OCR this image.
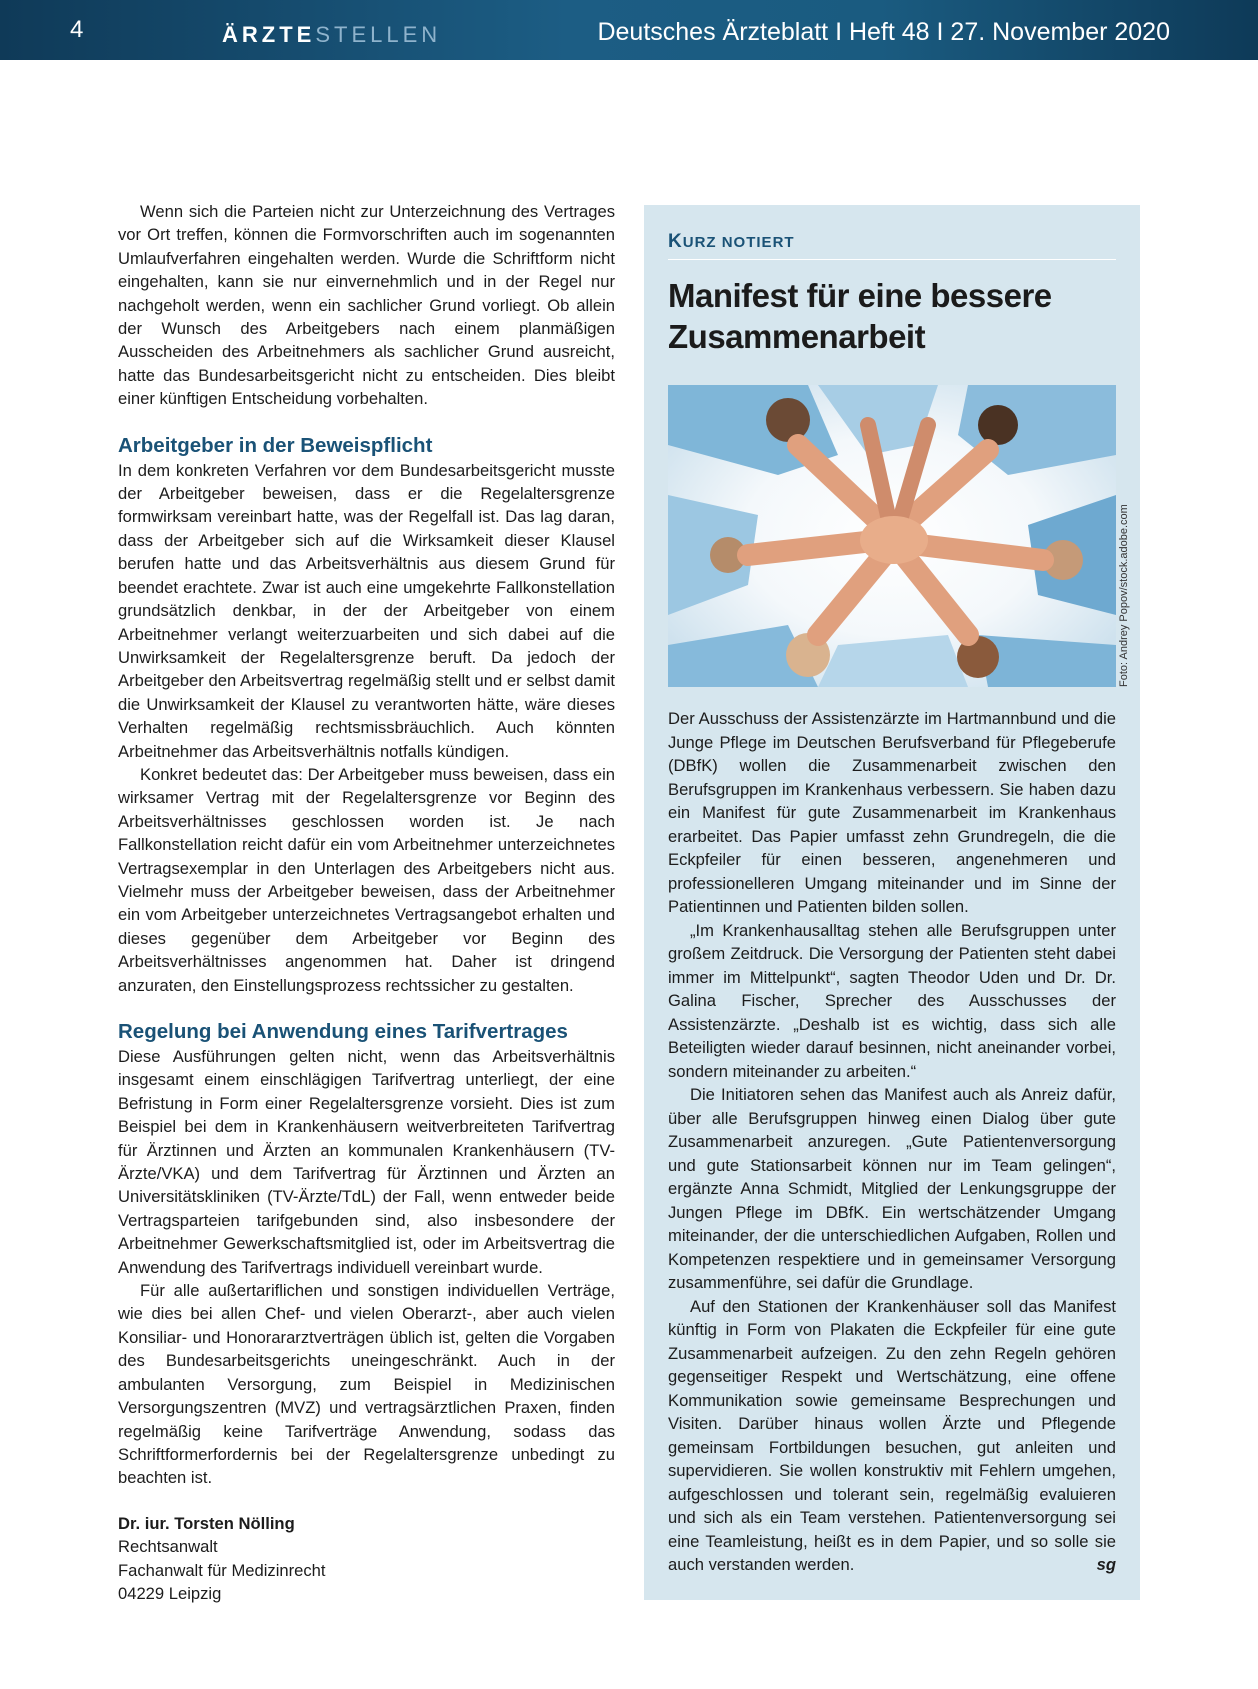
4	ÄRZTESTELLEN	Deutsches Ärzteblatt I Heft 48 I 27. November 2020

Wenn sich die Parteien nicht zur Unterzeichnung des Vertrages vor Ort treffen, können die Formvorschriften auch im sogenannten Umlaufverfahren eingehalten werden. Wurde die Schriftform nicht eingehalten, kann sie nur einvernehmlich und in der Regel nur nachgeholt werden, wenn ein sachlicher Grund vorliegt. Ob allein der Wunsch des Arbeitgebers nach einem planmäßigen Ausscheiden des Arbeitnehmers als sachlicher Grund ausreicht, hatte das Bundesarbeitsgericht nicht zu entscheiden. Dies bleibt einer künftigen Entscheidung vorbehalten.

Arbeitgeber in der Beweispflicht

In dem konkreten Verfahren vor dem Bundesarbeitsgericht musste der Arbeitgeber beweisen, dass er die Regelaltersgrenze formwirksam vereinbart hatte, was der Regelfall ist. Das lag daran, dass der Arbeitgeber sich auf die Wirksamkeit dieser Klausel berufen hatte und das Arbeitsverhältnis aus diesem Grund für beendet erachtete. Zwar ist auch eine umgekehrte Fallkonstellation grundsätzlich denkbar, in der der Arbeitgeber von einem Arbeitnehmer verlangt weiterzuarbeiten und sich dabei auf die Unwirksamkeit der Regelaltersgrenze beruft. Da jedoch der Arbeitgeber den Arbeitsvertrag regelmäßig stellt und er selbst damit die Unwirksamkeit der Klausel zu verantworten hätte, wäre dieses Verhalten regelmäßig rechtsmissbräuchlich. Auch könnten Arbeitnehmer das Arbeitsverhältnis notfalls kündigen.

Konkret bedeutet das: Der Arbeitgeber muss beweisen, dass ein wirksamer Vertrag mit der Regelaltersgrenze vor Beginn des Arbeitsverhältnisses geschlossen worden ist. Je nach Fallkonstellation reicht dafür ein vom Arbeitnehmer unterzeichnetes Vertragsexemplar in den Unterlagen des Arbeitgebers nicht aus. Vielmehr muss der Arbeitgeber beweisen, dass der Arbeitnehmer ein vom Arbeitgeber unterzeichnetes Vertragsangebot erhalten und dieses gegenüber dem Arbeitgeber vor Beginn des Arbeitsverhältnisses angenommen hat. Daher ist dringend anzuraten, den Einstellungsprozess rechtssicher zu gestalten.

Regelung bei Anwendung eines Tarifvertrages

Diese Ausführungen gelten nicht, wenn das Arbeitsverhältnis insgesamt einem einschlägigen Tarifvertrag unterliegt, der eine Befristung in Form einer Regelaltersgrenze vorsieht. Dies ist zum Beispiel bei dem in Krankenhäusern weitverbreiteten Tarifvertrag für Ärztinnen und Ärzten an kommunalen Krankenhäusern (TV-Ärzte/VKA) und dem Tarifvertrag für Ärztinnen und Ärzten an Universitätskliniken (TV-Ärzte/TdL) der Fall, wenn entweder beide Vertragsparteien tarifgebunden sind, also insbesondere der Arbeitnehmer Gewerkschaftsmitglied ist, oder im Arbeitsvertrag die Anwendung des Tarifvertrags individuell vereinbart wurde.

Für alle außertariflichen und sonstigen individuellen Verträge, wie dies bei allen Chef- und vielen Oberarzt-, aber auch vielen Konsiliar- und Honorararztverträgen üblich ist, gelten die Vorgaben des Bundesarbeitsgerichts uneingeschränkt. Auch in der ambulanten Versorgung, zum Beispiel in Medizinischen Versorgungszentren (MVZ) und vertragsärztlichen Praxen, finden regelmäßig keine Tarifverträge Anwendung, sodass das Schriftformerfordernis bei der Regelaltersgrenze unbedingt zu beachten ist.

Dr. iur. Torsten Nölling
Rechtsanwalt
Fachanwalt für Medizinrecht
04229 Leipzig
KURZ NOTIERT
Manifest für eine bessere Zusammenarbeit
Foto: Andrey Popov/stock.adobe.com

Der Ausschuss der Assistenzärzte im Hartmannbund und die Junge Pflege im Deutschen Berufsverband für Pflegeberufe (DBfK) wollen die Zusammenarbeit zwischen den Berufsgruppen im Krankenhaus verbessern. Sie haben dazu ein Manifest für gute Zusammenarbeit im Krankenhaus erarbeitet. Das Papier umfasst zehn Grundregeln, die die Eckpfeiler für einen besseren, angenehmeren und professionelleren Umgang miteinander und im Sinne der Patientinnen und Patienten bilden sollen.

„Im Krankenhausalltag stehen alle Berufsgruppen unter großem Zeitdruck. Die Versorgung der Patienten steht dabei immer im Mittelpunkt“, sagten Theodor Uden und Dr. Dr. Galina Fischer, Sprecher des Ausschusses der Assistenzärzte. „Deshalb ist es wichtig, dass sich alle Beteiligten wieder darauf besinnen, nicht aneinander vorbei, sondern miteinander zu arbeiten.“

Die Initiatoren sehen das Manifest auch als Anreiz dafür, über alle Berufsgruppen hinweg einen Dialog über gute Zusammenarbeit anzuregen. „Gute Patientenversorgung und gute Stationsarbeit können nur im Team gelingen“, ergänzte Anna Schmidt, Mitglied der Lenkungsgruppe der Jungen Pflege im DBfK. Ein wertschätzender Umgang miteinander, der die unterschiedlichen Aufgaben, Rollen und Kompetenzen respektiere und in gemeinsamer Versorgung zusammenführe, sei dafür die Grundlage.

Auf den Stationen der Krankenhäuser soll das Manifest künftig in Form von Plakaten die Eckpfeiler für eine gute Zusammenarbeit aufzeigen. Zu den zehn Regeln gehören gegenseitiger Respekt und Wertschätzung, eine offene Kommunikation sowie gemeinsame Besprechungen und Visiten. Darüber hinaus wollen Ärzte und Pflegende gemeinsam Fortbildungen besuchen, gut anleiten und supervidieren. Sie wollen konstruktiv mit Fehlern umgehen, aufgeschlossen und tolerant sein, regelmäßig evaluieren und sich als ein Team verstehen. Patientenversorgung sei eine Teamleistung, heißt es in dem Papier, und so solle sie auch verstanden werden.	sg
